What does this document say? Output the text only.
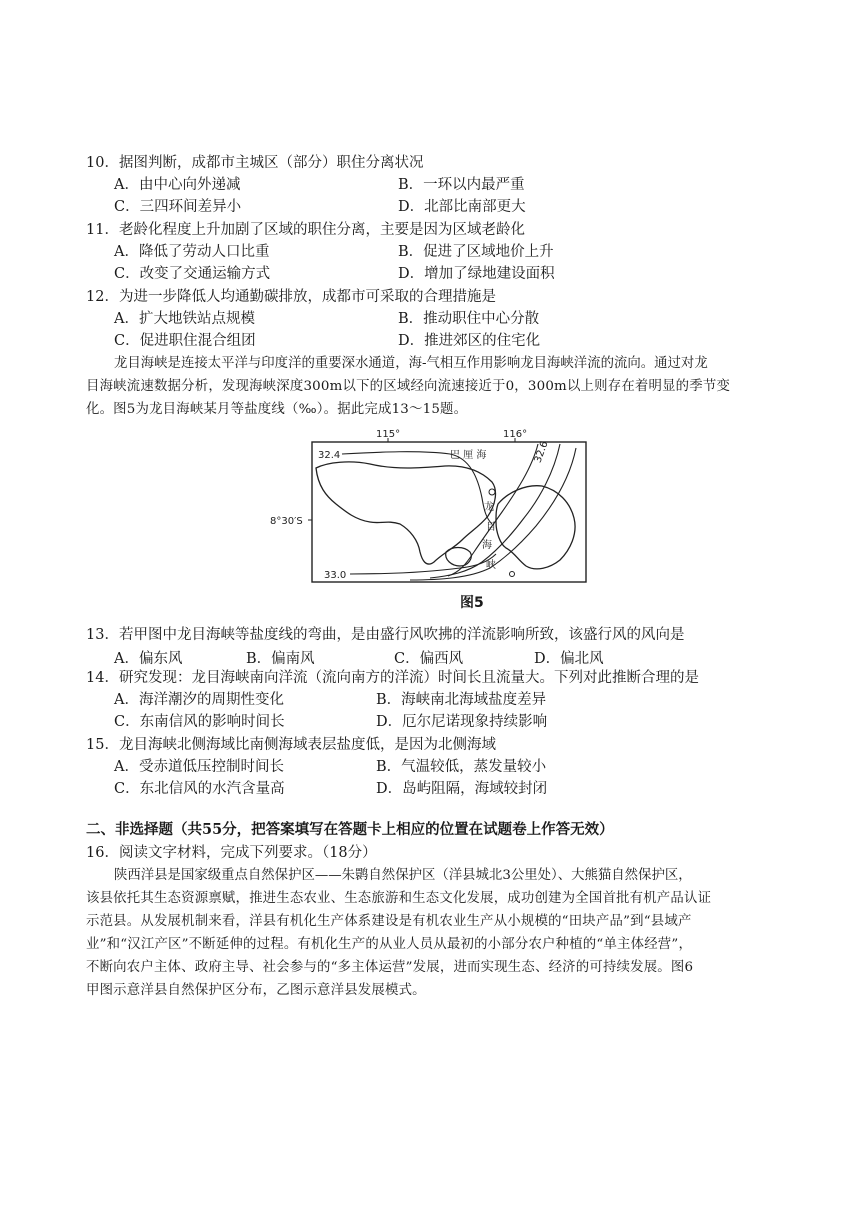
10．据图判断，成都市主城区（部分）职住分离状况
A．由中心向外递减	B．一环以内最严重
C．三四环间差异小	D．北部比南部更大
11．老龄化程度上升加剧了区域的职住分离，主要是因为区域老龄化
A．降低了劳动人口比重	B．促进了区域地价上升
C．改变了交通运输方式	D．增加了绿地建设面积
12．为进一步降低人均通勤碳排放，成都市可采取的合理措施是
A．扩大地铁站点规模	B．推动职住中心分散
C．促进职住混合组团	D．推进郊区的住宅化
龙目海峡是连接太平洋与印度洋的重要深水通道，海-气相互作用影响龙目海峡洋流的流向。通过对龙
目海峡流速数据分析，发现海峡深度300m以下的区域经向流速接近于0，300m以上则存在着明显的季节变
化。图5为龙目海峡某月等盐度线（‰）。据此完成13～15题。
115°	116°
8°30′S
32.4	32.6
33.0
巴 厘 海
龙
目
海
峡
图5
13．若甲图中龙目海峡等盐度线的弯曲，是由盛行风吹拂的洋流影响所致，该盛行风的风向是
A．偏东风	B．偏南风	C．偏西风	D．偏北风
14．研究发现：龙目海峡南向洋流（流向南方的洋流）时间长且流量大。下列对此推断合理的是
A．海洋潮汐的周期性变化	B．海峡南北海域盐度差异
C．东南信风的影响时间长	D．厄尔尼诺现象持续影响
15．龙目海峡北侧海域比南侧海域表层盐度低，是因为北侧海域
A．受赤道低压控制时间长	B．气温较低，蒸发量较小
C．东北信风的水汽含量高	D．岛屿阻隔，海域较封闭
二、非选择题（共55分，把答案填写在答题卡上相应的位置在试题卷上作答无效）
16．阅读文字材料，完成下列要求。（18分）
陕西洋县是国家级重点自然保护区——朱鹮自然保护区（洋县城北3公里处）、大熊猫自然保护区，
该县依托其生态资源禀赋，推进生态农业、生态旅游和生态文化发展，成功创建为全国首批有机产品认证
示范县。从发展机制来看，洋县有机化生产体系建设是有机农业生产从小规模的“田块产品”到“县域产
业”和“汉江产区”不断延伸的过程。有机化生产的从业人员从最初的小部分农户种植的“单主体经营”，
不断向农户主体、政府主导、社会参与的“多主体运营”发展，进而实现生态、经济的可持续发展。图6
甲图示意洋县自然保护区分布，乙图示意洋县发展模式。
